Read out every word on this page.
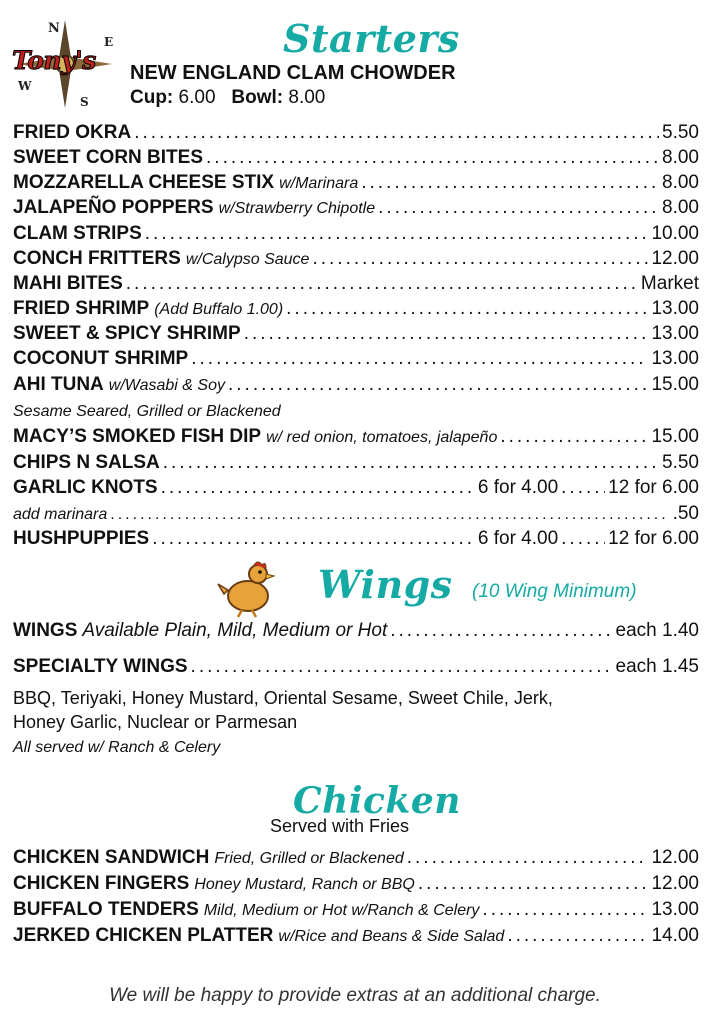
N
E
S
W
Tony's	Starters
NEW ENGLAND CLAM CHOWDER
Cup: 6.00 Bowl: 8.00
FRIED OKRA .....	5.50
SWEET CORN BITES .....	8.00
MOZZARELLA CHEESE STIX w/Marinara .....	8.00
JALAPEÑO POPPERS w/Strawberry Chipotle .....	8.00
CLAM STRIPS .....	10.00
CONCH FRITTERS w/Calypso Sauce .....	12.00
MAHI BITES .....	Market
FRIED SHRIMP (Add Buffalo 1.00) .....	13.00
SWEET & SPICY SHRIMP .....	13.00
COCONUT SHRIMP .....	13.00
AHI TUNA w/Wasabi & Soy .....	15.00
Sesame Seared, Grilled or Blackened
MACY’S SMOKED FISH DIP w/ red onion, tomatoes, jalapeño .....	15.00
CHIPS N SALSA .....	5.50
GARLIC KNOTS .....	6 for 4.00 .....	12 for 6.00
add marinara .....	.50
HUSHPUPPIES .....	6 for 4.00 .....	12 for 6.00
Wings (10 Wing Minimum)
WINGS Available Plain, Mild, Medium or Hot .....	each 1.40
SPECIALTY WINGS .....	each 1.45
BBQ, Teriyaki, Honey Mustard, Oriental Sesame, Sweet Chile, Jerk,
Honey Garlic, Nuclear or Parmesan
All served w/ Ranch & Celery
Chicken
Served with Fries
CHICKEN SANDWICH Fried, Grilled or Blackened .....	12.00
CHICKEN FINGERS Honey Mustard, Ranch or BBQ .....	12.00
BUFFALO TENDERS Mild, Medium or Hot w/Ranch & Celery .....	13.00
JERKED CHICKEN PLATTER w/Rice and Beans & Side Salad .....	14.00
We will be happy to provide extras at an additional charge.
